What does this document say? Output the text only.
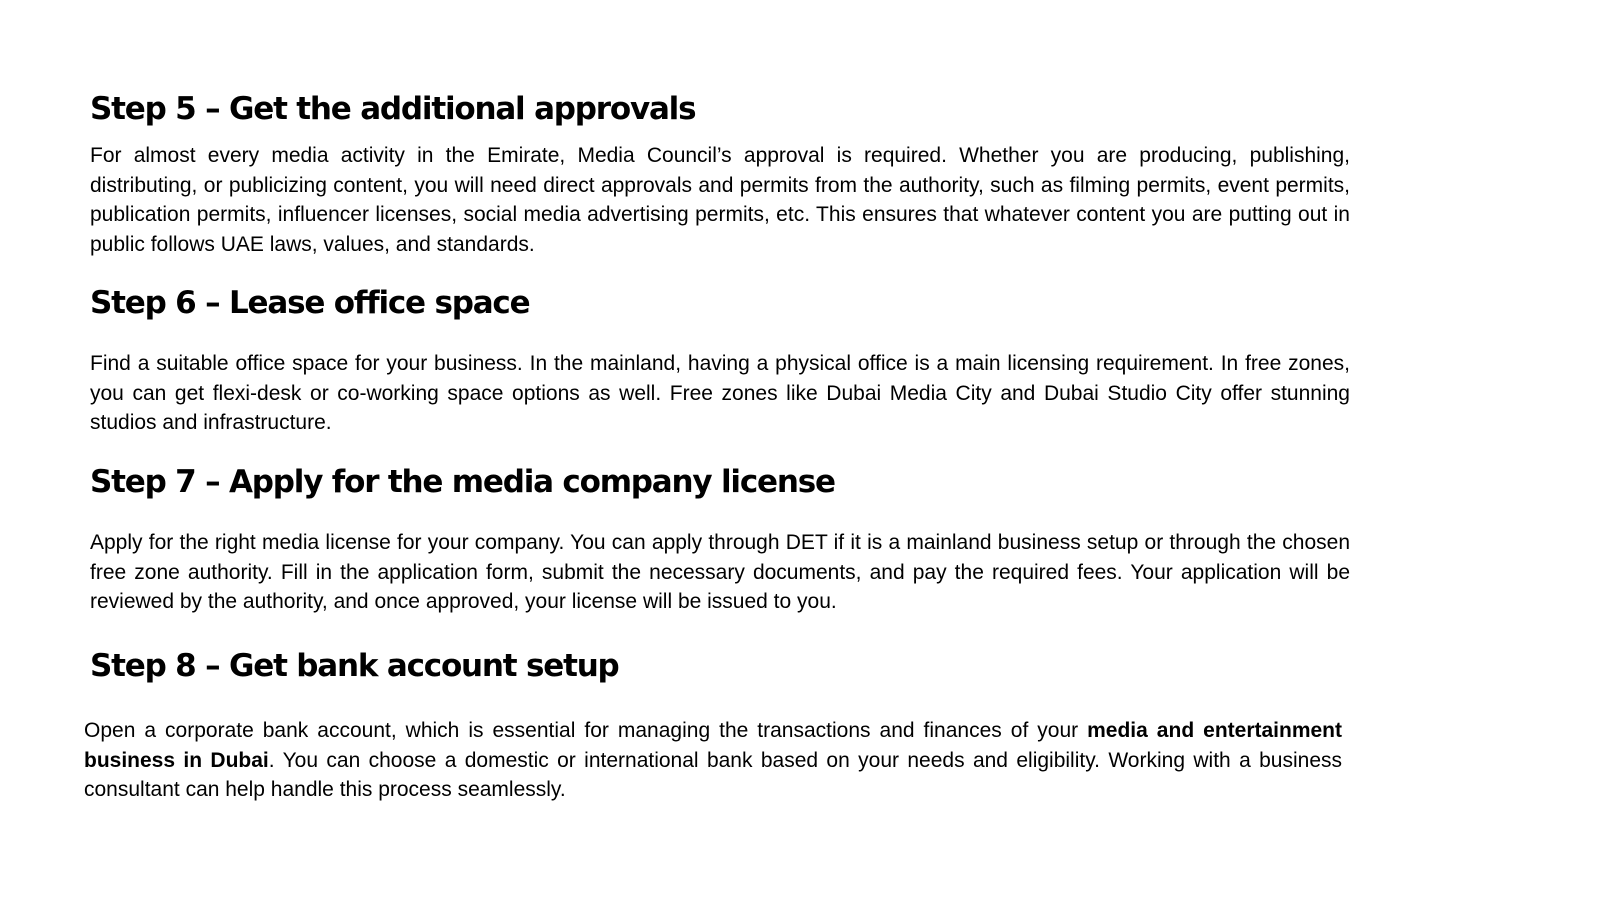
Step 5 – Get the additional approvals

For almost every media activity in the Emirate, Media Council’s approval is required. Whether you are producing, publishing, distributing, or publicizing content, you will need direct approvals and permits from the authority, such as filming permits, event permits, publication permits, influencer licenses, social media advertising permits, etc. This ensures that whatever content you are putting out in public follows UAE laws, values, and standards.

Step 6 – Lease office space

Find a suitable office space for your business. In the mainland, having a physical office is a main licensing requirement. In free zones, you can get flexi-desk or co-working space options as well. Free zones like Dubai Media City and Dubai Studio City offer stunning studios and infrastructure.

Step 7 – Apply for the media company license

Apply for the right media license for your company. You can apply through DET if it is a mainland business setup or through the chosen free zone authority. Fill in the application form, submit the necessary documents, and pay the required fees. Your application will be reviewed by the authority, and once approved, your license will be issued to you.

Step 8 – Get bank account setup

Open a corporate bank account, which is essential for managing the transactions and finances of your media and entertainment business in Dubai. You can choose a domestic or international bank based on your needs and eligibility. Working with a business consultant can help handle this process seamlessly.
